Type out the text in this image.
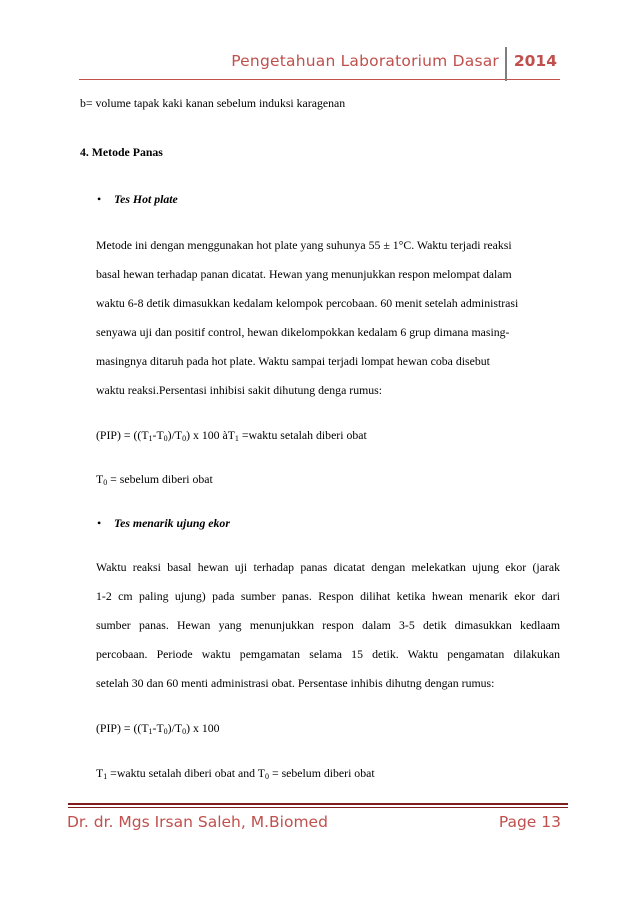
Pengetahuan Laboratorium Dasar 2014
b= volume tapak kaki kanan sebelum induksi karagenan
4. Metode Panas
• Tes Hot plate
Metode ini dengan menggunakan hot plate yang suhunya 55 ± 1°C. Waktu terjadi reaksi
basal hewan terhadap panan dicatat. Hewan yang menunjukkan respon melompat dalam
waktu 6-8 detik dimasukkan kedalam kelompok percobaan. 60 menit setelah administrasi
senyawa uji dan positif control, hewan dikelompokkan kedalam 6 grup dimana masing-
masingnya ditaruh pada hot plate. Waktu sampai terjadi lompat hewan coba disebut
waktu reaksi.Persentasi inhibisi sakit dihutung denga rumus:
$(PIP) = ((T_1-T_0)/T_0)$ x 100 $àT_1$ =waktu setalah diberi obat
$T_0$ = sebelum diberi obat
• Tes menarik ujung ekor
Waktu reaksi basal hewan uji terhadap panas dicatat dengan melekatkan ujung ekor (jarak
1-2 cm paling ujung) pada sumber panas. Respon dilihat ketika hwean menarik ekor dari
sumber panas. Hewan yang menunjukkan respon dalam 3-5 detik dimasukkan kedlaam
percobaan. Periode waktu pemgamatan selama 15 detik. Waktu pengamatan dilakukan
setelah 30 dan 60 menti administrasi obat. Persentase inhibis dihutng dengan rumus:
$(PIP) = ((T_1-T_0)/T_0)$ x 100
$T_1$ =waktu setalah diberi obat and $T_0$ = sebelum diberi obat
Dr. dr. Mgs Irsan Saleh, M.Biomed	Page 13
